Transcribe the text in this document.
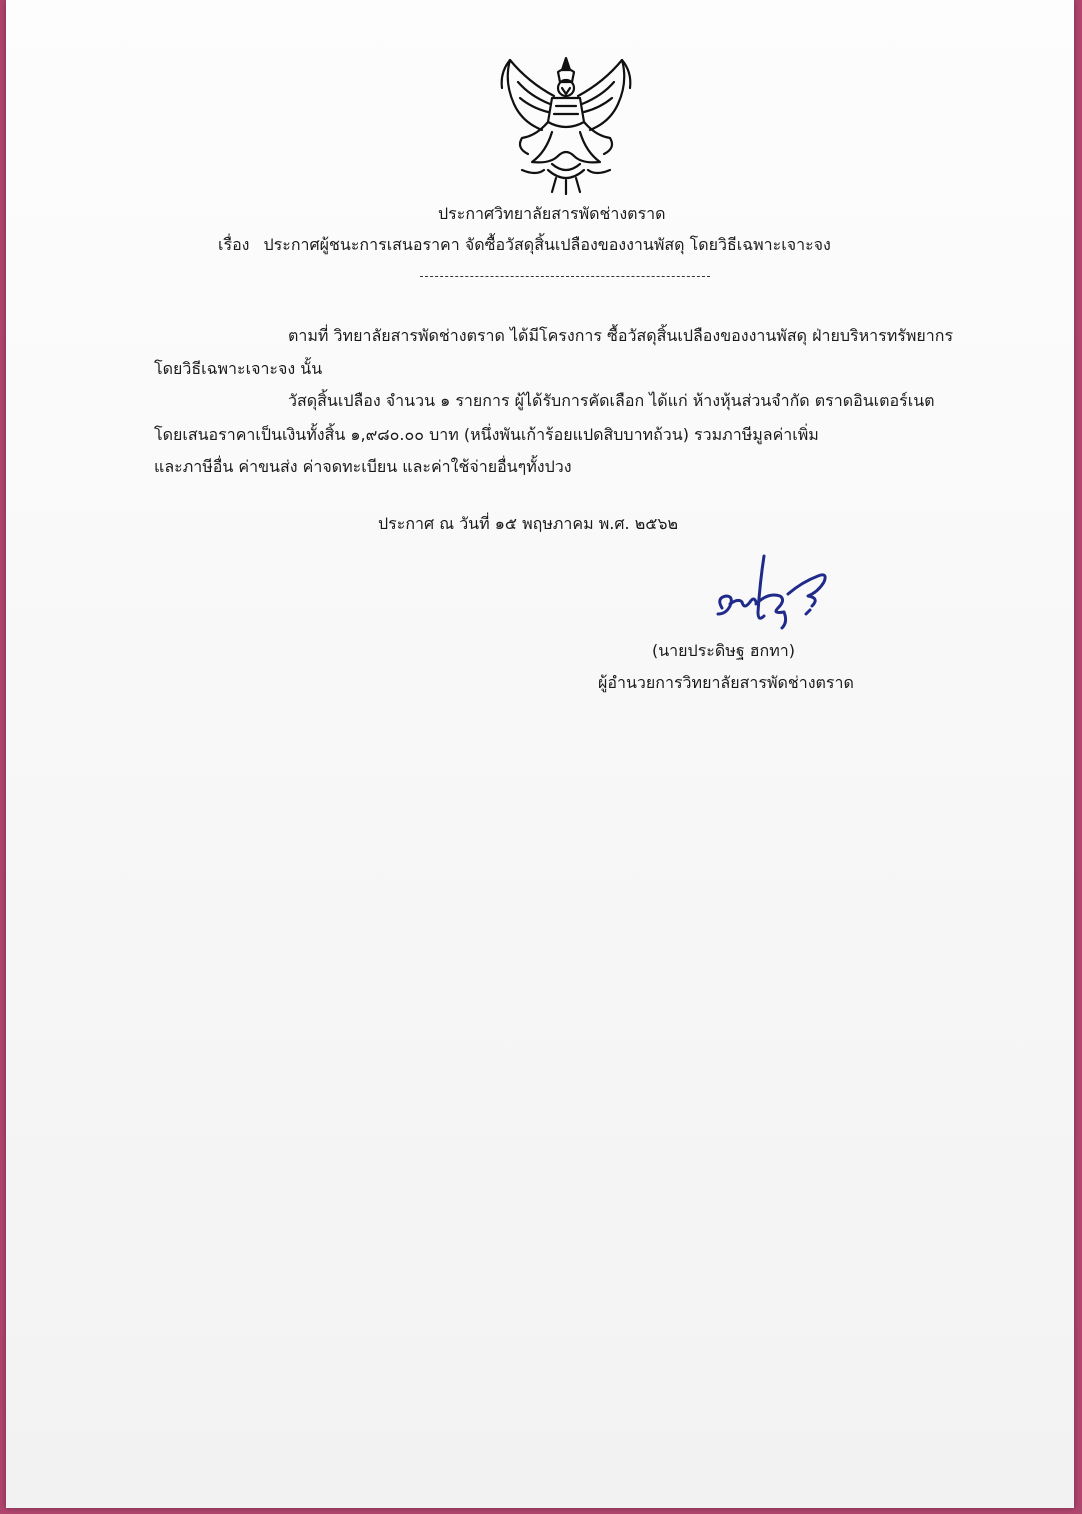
ประกาศวิทยาลัยสารพัดช่างตราด
เรื่อง ประกาศผู้ชนะการเสนอราคา จัดซื้อวัสดุสิ้นเปลืองของงานพัสดุ โดยวิธีเฉพาะเจาะจง
ตามที่ วิทยาลัยสารพัดช่างตราด ได้มีโครงการ ซื้อวัสดุสิ้นเปลืองของงานพัสดุ ฝ่ายบริหารทรัพยากร
โดยวิธีเฉพาะเจาะจง นั้น
วัสดุสิ้นเปลือง จำนวน ๑ รายการ ผู้ได้รับการคัดเลือก ได้แก่ ห้างหุ้นส่วนจำกัด ตราดอินเตอร์เนต
โดยเสนอราคาเป็นเงินทั้งสิ้น ๑,๙๘๐.๐๐ บาท (หนึ่งพันเก้าร้อยแปดสิบบาทถ้วน) รวมภาษีมูลค่าเพิ่ม
และภาษีอื่น ค่าขนส่ง ค่าจดทะเบียน และค่าใช้จ่ายอื่นๆทั้งปวง
ประกาศ ณ วันที่ ๑๕ พฤษภาคม พ.ศ. ๒๕๖๒
(นายประดิษฐ ฮกทา)
ผู้อำนวยการวิทยาลัยสารพัดช่างตราด
